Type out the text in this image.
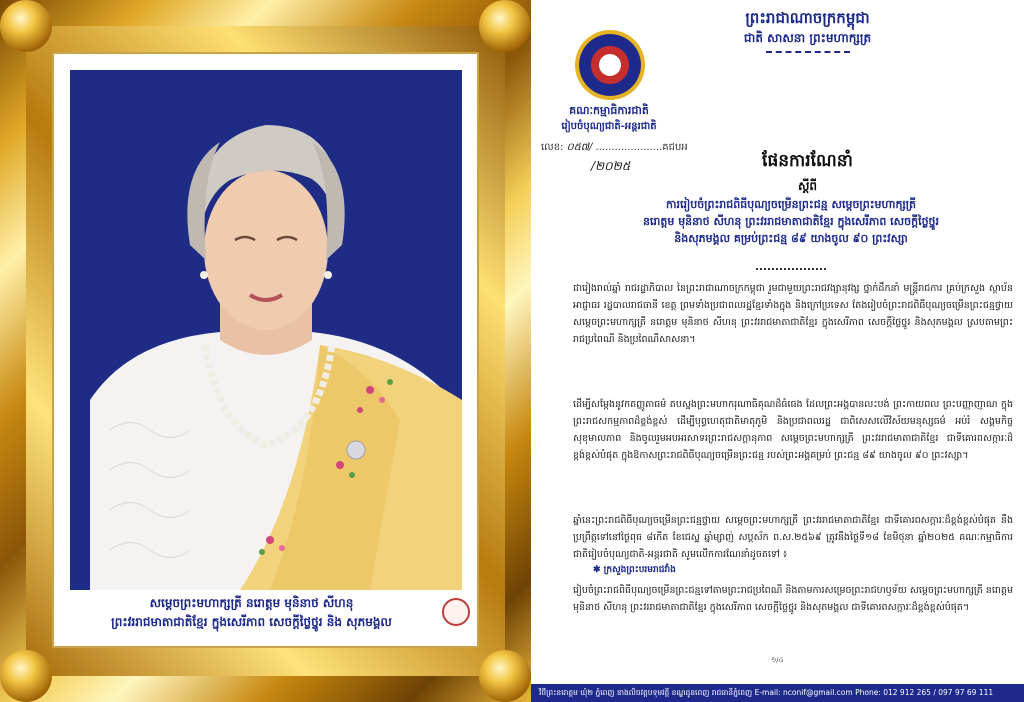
សម្ដេចព្រះមហាក្សត្រី នរោត្ដម មុនិនាថ សីហនុ
ព្រះវររាជមាតាជាតិខ្មែរ ក្នុងសេរីភាព សេចក្ដីថ្លៃថ្នូរ និង សុភមង្គល
ព្រះរាជាណាចក្រកម្ពុជា
ជាតិ សាសនា ព្រះមហាក្សត្រ
គណៈកម្មាធិការជាតិ
រៀបចំបុណ្យជាតិ-អន្តរជាតិ
លេខ: ០៥៧/ .....................គជបអ
/២០២៥	ផែនការណែនាំ
ស្ដីពី
ការរៀបចំព្រះរាជពិធីបុណ្យចម្រើនព្រះជន្ម សម្ដេចព្រះមហាក្សត្រី
នរោត្ដម មុនិនាថ សីហនុ ព្រះវររាជមាតាជាតិខ្មែរ ក្នុងសេរីភាព សេចក្ដីថ្លៃថ្នូរ
និងសុភមង្គល គម្រប់ព្រះជន្ម ៨៩ យាងចូល ៩០ ព្រះវស្សា

ជារៀងរាល់ឆ្នាំ រាជរដ្ឋាភិបាល នៃព្រះរាជាណាចក្រកម្ពុជា រួមជាមួយព្រះរាជវង្សានុវង្ស ថ្នាក់ដឹកនាំ មន្ត្រីរាជការ គ្រប់ក្រសួង ស្ថាប័ន អាជ្ញាធរ រដ្ឋបាលរាជធានី ខេត្ត ព្រមទាំងប្រជាពលរដ្ឋខ្មែរទាំងក្នុង និងក្រៅប្រទេស តែងរៀបចំព្រះរាជពិធីបុណ្យចម្រើនព្រះជន្មថ្វាយ សម្ដេចព្រះមហាក្សត្រី នរោត្ដម មុនិនាថ សីហនុ ព្រះវររាជមាតាជាតិខ្មែរ ក្នុងសេរីភាព សេចក្ដីថ្លៃថ្នូរ និងសុភមង្គល ស្របតាមព្រះរាជប្រពៃណី និងប្រពៃណីសាសនា។

ដើម្បីសម្ដែងនូវកតញ្ញូតាធម៌ តបស្នងព្រះមហាករុណាធិគុណដ៏ធំធេង ដែលព្រះអង្គបានលះបង់ ព្រះកាយពល ព្រះបញ្ញាញាណ ក្នុងព្រះរាជសកម្មភាពដ៏ខ្ពង់ខ្ពស់ ដើម្បីបុព្វហេតុជាតិមាតុភូមិ និងប្រជាពលរដ្ឋ ជាពិសេសលើវិស័យមនុស្សធម៌ អប់រំ សង្គមកិច្ច សុខុមាលភាព និងចូលរួមអបអរសាទរព្រះរាជសក្ដានុភាព សម្ដេចព្រះមហាក្សត្រី ព្រះវររាជមាតាជាតិខ្មែរ ជាទីគោរពសក្ការៈដ៏ខ្ពង់ខ្ពស់បំផុត ក្នុងឱកាសព្រះរាជពិធីបុណ្យចម្រើនព្រះជន្ម របស់ព្រះអង្គគម្រប់ ព្រះជន្ម ៨៩ យាងចូល ៩០ ព្រះវស្សា។

ឆ្នាំនេះព្រះរាជពិធីបុណ្យចម្រើនព្រះជន្មថ្វាយ សម្ដេចព្រះមហាក្សត្រី ព្រះវររាជមាតាជាតិខ្មែរ ជាទីគោរពសក្ការៈដ៏ខ្ពង់ខ្ពស់បំផុត នឹងប្រព្រឹត្តទៅនៅថ្ងៃពុធ ៨កើត ខែជេស្ឋ ឆ្នាំម្សាញ់ សប្តស័ក ព.ស.២៥៦៩ ត្រូវនឹងថ្ងៃទី១៨ ខែមិថុនា ឆ្នាំ២០២៥ គណៈកម្មាធិការជាតិរៀបចំបុណ្យជាតិ-អន្តរជាតិ សូមលើកការណែនាំដូចតទៅ ៖

✱ ក្រសួងព្រះបរមរាជវាំង

រៀបចំព្រះរាជពិធីបុណ្យចម្រើនព្រះជន្មទៅតាមព្រះរាជប្រពៃណី និងតាមការសម្រេចព្រះរាជហឫទ័យ សម្ដេចព្រះមហាក្សត្រី នរោត្ដម មុនិនាថ សីហនុ ព្រះវររាជមាតាជាតិខ្មែរ ក្នុងសេរីភាព សេចក្ដីថ្លៃថ្នូរ និងសុភមង្គល ជាទីគោរពសក្ការៈដ៏ខ្ពង់ខ្ពស់បំផុត។

១/៤
វិថីព្រះនរោត្តម ឃុំ២ ភ្នំពេញ ខាងលិចវត្តបទុមវត្តី ខណ្ឌដូនពេញ រាជធានីភ្នំពេញ E-mail: nconif@gmail.com Phone: 012 912 265 / 097 97 69 111
